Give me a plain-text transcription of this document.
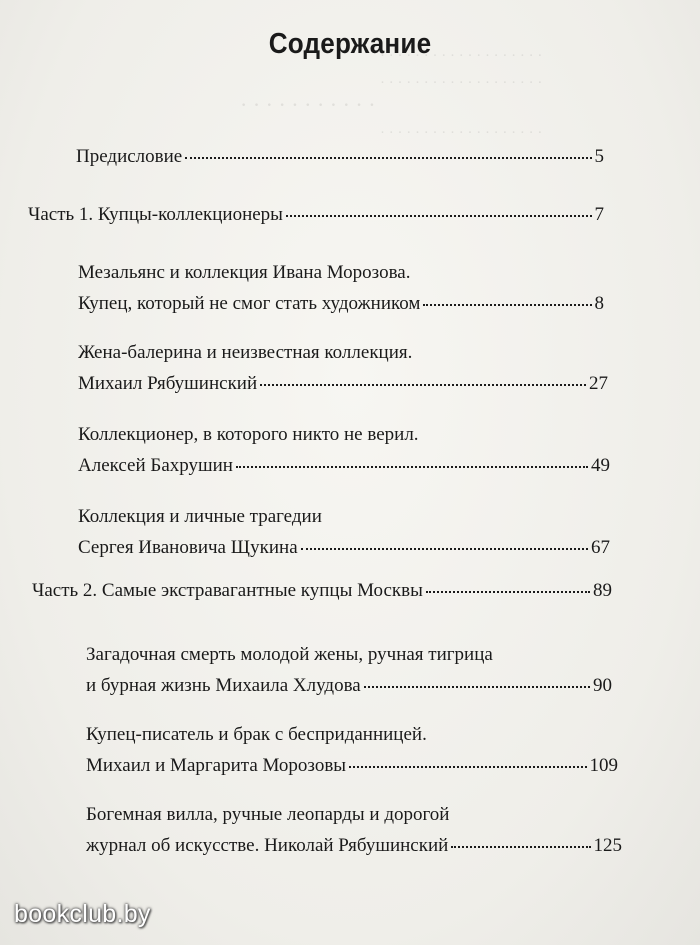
· · · · · · · · · · · · · · · · · · ·
· · · · · · · · · · · · · · · · · · ·
· · · · · · · · · · ·
· · · · · · · · · · · · · · · · · · ·
Содержание
Предисловие	5
Часть 1. Купцы-коллекционеры	7
Мезальянс и коллекция Ивана Морозова.
Купец, который не смог стать художником	8
Жена-балерина и неизвестная коллекция.
Михаил Рябушинский	27
Коллекционер, в которого никто не верил.
Алексей Бахрушин	49
Коллекция и личные трагедии
Сергея Ивановича Щукина	67
Часть 2. Самые экстравагантные купцы Москвы	89
Загадочная смерть молодой жены, ручная тигрица
и бурная жизнь Михаила Хлудова	90
Купец-писатель и брак с бесприданницей.
Михаил и Маргарита Морозовы	109
Богемная вилла, ручные леопарды и дорогой
журнал об искусстве. Николай Рябушинский	125
bookclub.by
